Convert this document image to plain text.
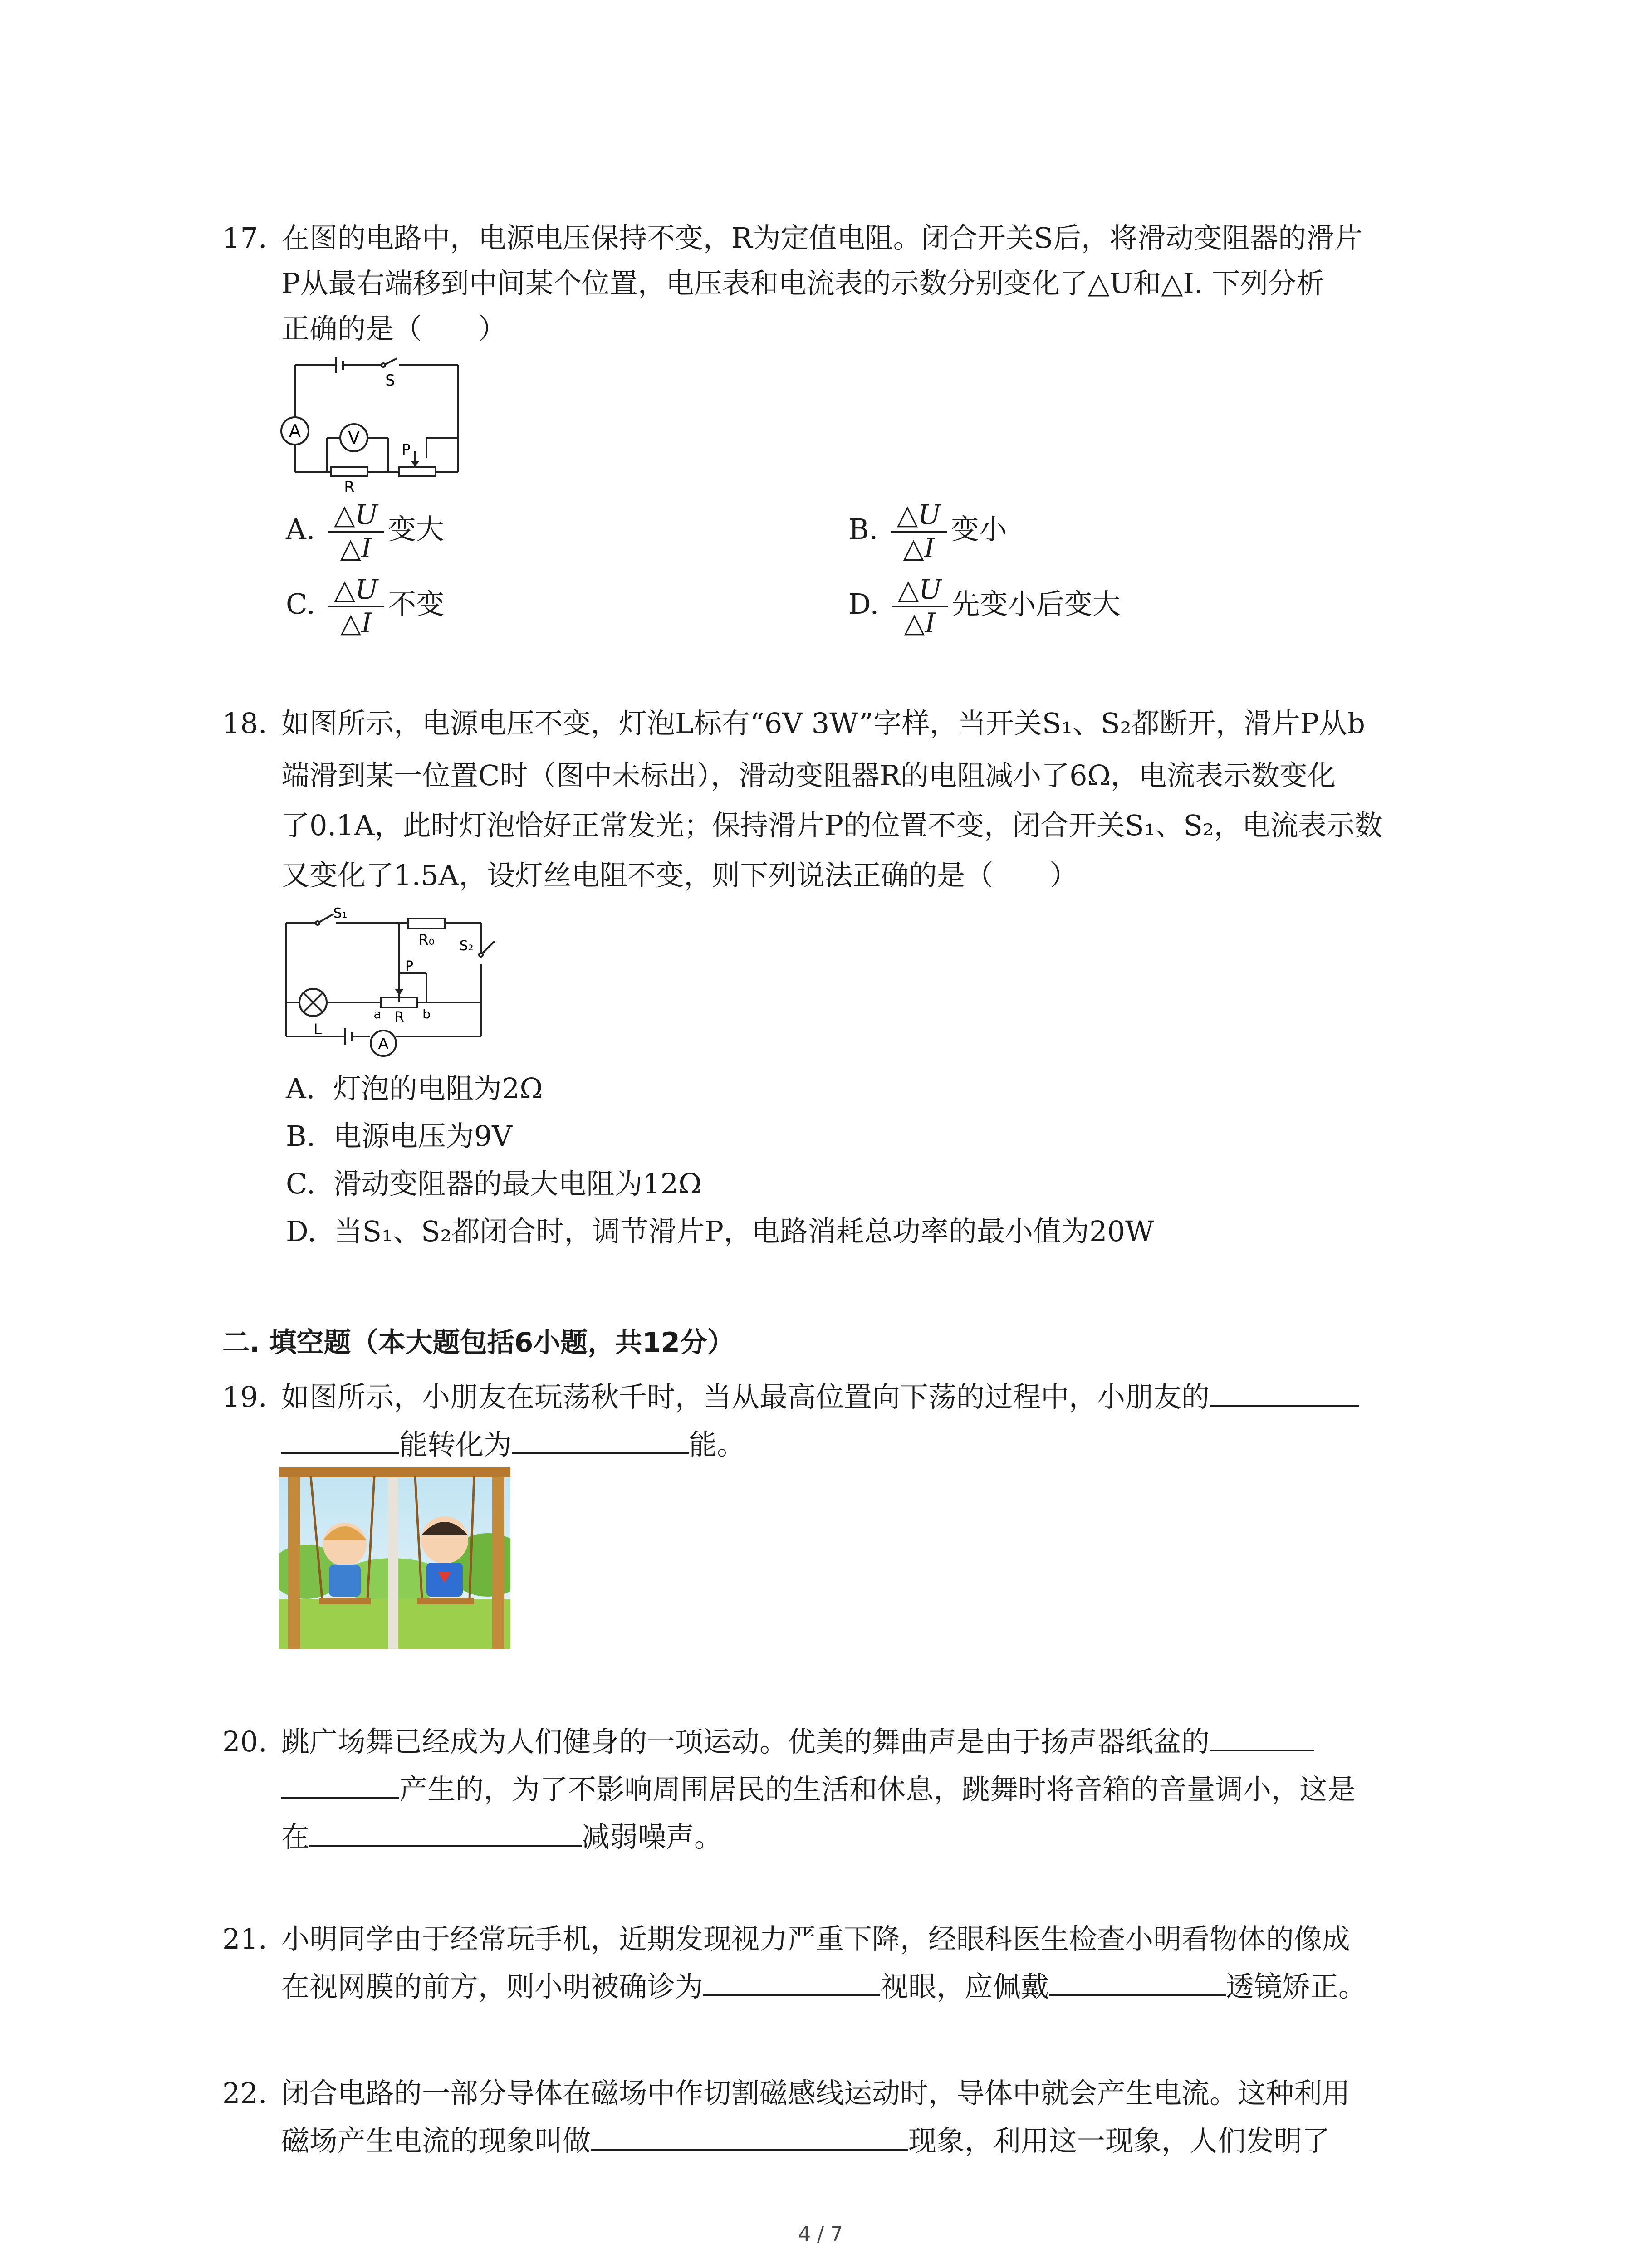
17. 在图的电路中，电源电压保持不变，R为定值电阻。闭合开关S后，将滑动变阻器的滑片
P从最右端移到中间某个位置，电压表和电流表的示数分别变化了△U和△I. 下列分析
正确的是（　　）
A	V
S
R
P
A. $\frac{\triangle U}{\triangle I}$ 变大	B. $\frac{\triangle U}{\triangle I}$ 变小
C. $\frac{\triangle U}{\triangle I}$ 不变	D. $\frac{\triangle U}{\triangle I}$ 先变小后变大
18. 如图所示，电源电压不变，灯泡L标有“6V 3W”字样，当开关S₁、S₂都断开，滑片P从b
端滑到某一位置C时（图中未标出），滑动变阻器R的电阻减小了6Ω，电流表示数变化
了0.1A，此时灯泡恰好正常发光；保持滑片P的位置不变，闭合开关S₁、S₂，电流表示数
又变化了1.5A，设灯丝电阻不变，则下列说法正确的是（　　）
S₁
S₂
R₀
L
P
R
a	b
A
A. 灯泡的电阻为2Ω
B. 电源电压为9V
C. 滑动变阻器的最大电阻为12Ω
D. 当S₁、S₂都闭合时，调节滑片P，电路消耗总功率的最小值为20W
二. 填空题（本大题包括6小题，共12分）
19. 如图所示，小朋友在玩荡秋千时，当从最高位置向下荡的过程中，小朋友的
能转化为	能。
20. 跳广场舞已经成为人们健身的一项运动。优美的舞曲声是由于扬声器纸盆的
产生的，为了不影响周围居民的生活和休息，跳舞时将音箱的音量调小，这是
在	减弱噪声。
21. 小明同学由于经常玩手机，近期发现视力严重下降，经眼科医生检查小明看物体的像成
在视网膜的前方，则小明被确诊为	视眼，应佩戴	透镜矫正。
22. 闭合电路的一部分导体在磁场中作切割磁感线运动时，导体中就会产生电流。这种利用
磁场产生电流的现象叫做	现象，利用这一现象，人们发明了
4 / 7
